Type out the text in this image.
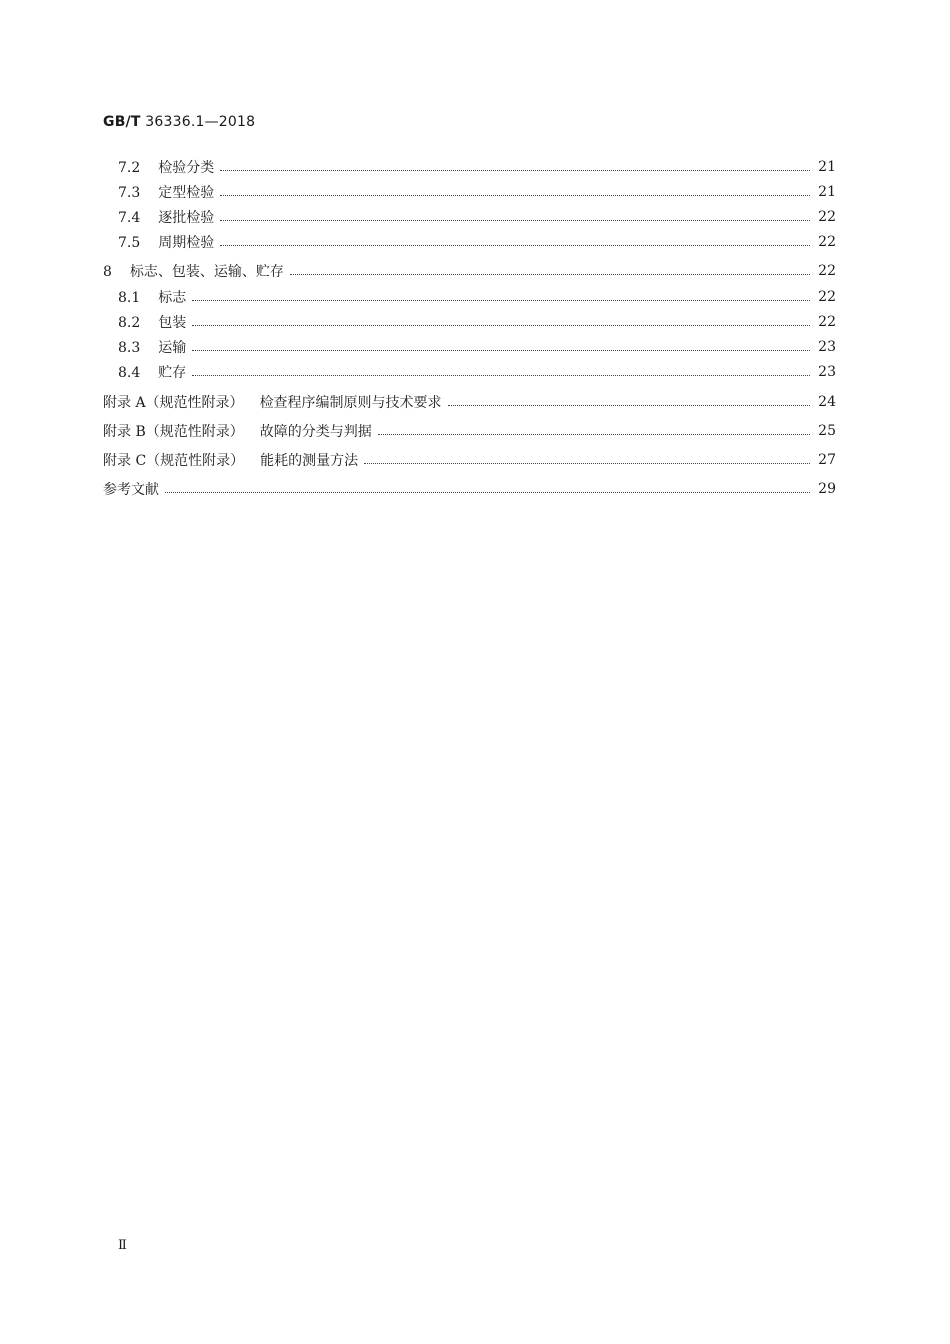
GB/T 36336.1—2018
7.2 检验分类	21
7.3 定型检验	21
7.4 逐批检验	22
7.5 周期检验	22
8 标志、包装、运输、贮存	22
8.1 标志	22
8.2 包装	22
8.3 运输	23
8.4 贮存	23
附录 A（规范性附录） 检查程序编制原则与技术要求	24
附录 B（规范性附录） 故障的分类与判据	25
附录 C（规范性附录） 能耗的测量方法	27
参考文献	29
Ⅱ
